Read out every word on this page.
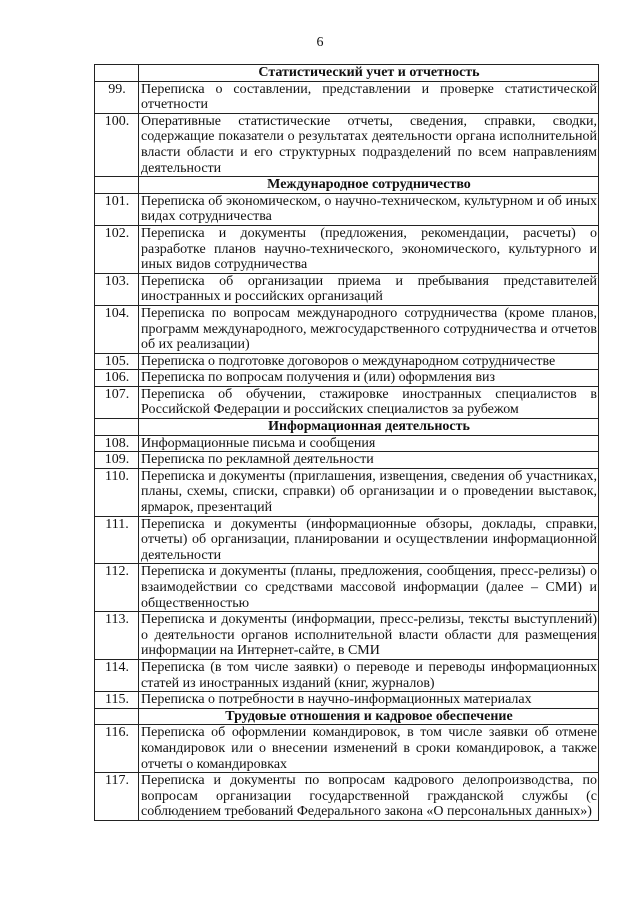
6
	Статистический учет и отчетность
99.	Переписка о составлении, представлении и проверке статистической отчетности
100.	Оперативные статистические отчеты, сведения, справки, сводки, содержащие показатели о результатах деятельности органа исполнительной власти области и его структурных подразделений по всем направлениям деятельности
	Международное сотрудничество
101.	Переписка об экономическом, о научно-техническом, культурном и об иных видах сотрудничества
102.	Переписка и документы (предложения, рекомендации, расчеты) о разработке планов научно-технического, экономического, культурного и иных видов сотрудничества
103.	Переписка об организации приема и пребывания представителей иностранных и российских организаций
104.	Переписка по вопросам международного сотрудничества (кроме планов, программ международного, межгосударственного сотрудничества и отчетов об их реализации)
105.	Переписка о подготовке договоров о международном сотрудничестве
106.	Переписка по вопросам получения и (или) оформления виз
107.	Переписка об обучении, стажировке иностранных специалистов в Российской Федерации и российских специалистов за рубежом
	Информационная деятельность
108.	Информационные письма и сообщения
109.	Переписка по рекламной деятельности
110.	Переписка и документы (приглашения, извещения, сведения об участниках, планы, схемы, списки, справки) об организации и о проведении выставок, ярмарок, презентаций
111.	Переписка и документы (информационные обзоры, доклады, справки, отчеты) об организации, планировании и осуществлении информационной деятельности
112.	Переписка и документы (планы, предложения, сообщения, пресс-релизы) о взаимодействии со средствами массовой информации (далее – СМИ) и общественностью
113.	Переписка и документы (информации, пресс-релизы, тексты выступлений) о деятельности органов исполнительной власти области для размещения информации на Интернет-сайте, в СМИ
114.	Переписка (в том числе заявки) о переводе и переводы информационных статей из иностранных изданий (книг, журналов)
115.	Переписка о потребности в научно-информационных материалах
	Трудовые отношения и кадровое обеспечение
116.	Переписка об оформлении командировок, в том числе заявки об отмене командировок или о внесении изменений в сроки командировок, а также отчеты о командировках
117.	Переписка и документы по вопросам кадрового делопроизводства, по вопросам организации государственной гражданской службы (с соблюдением требований Федерального закона «О персональных данных»)
